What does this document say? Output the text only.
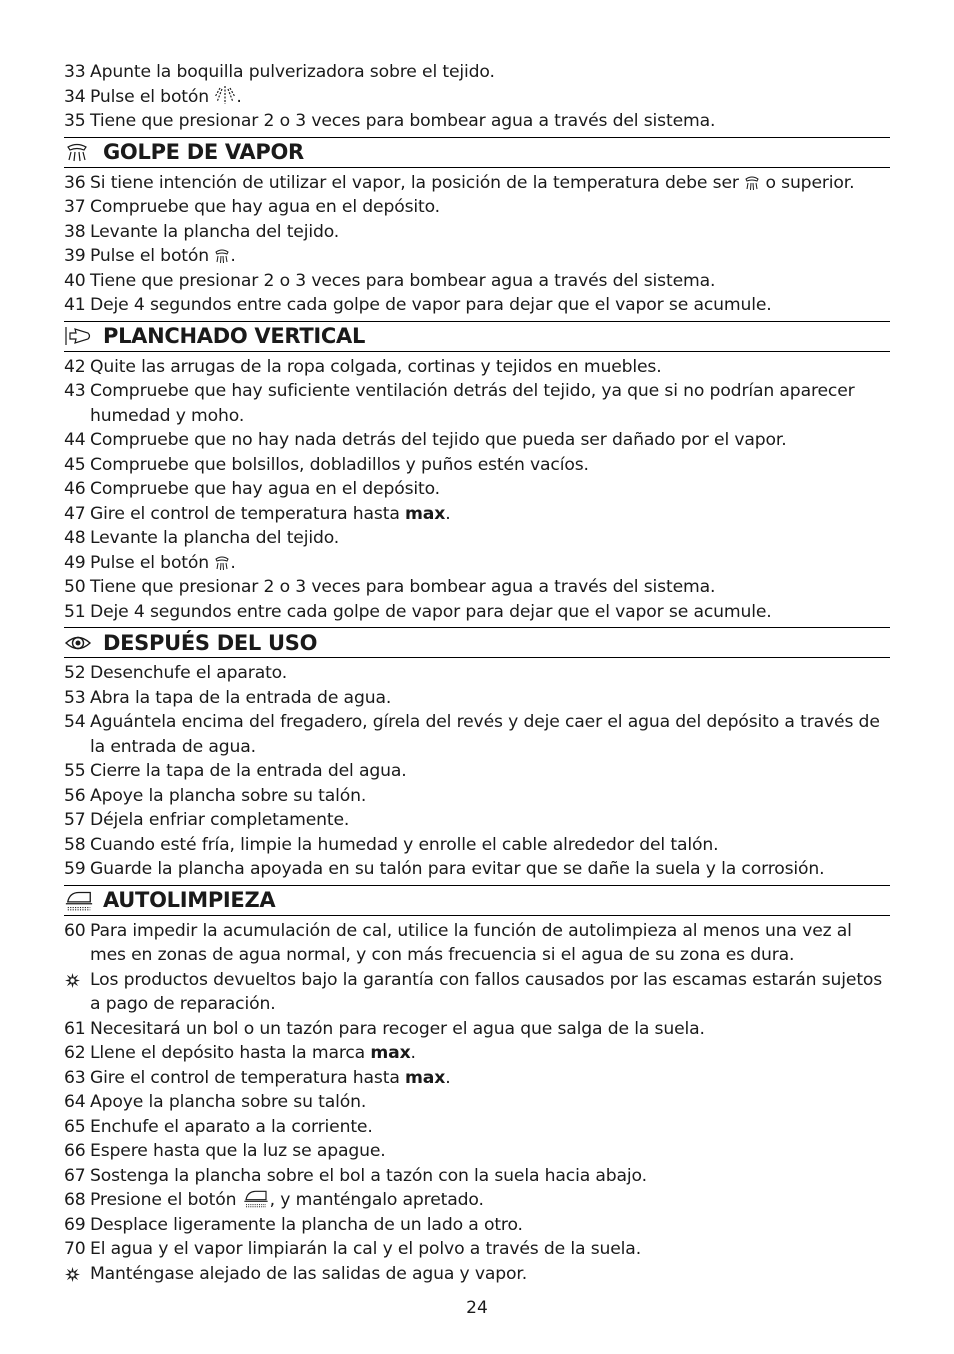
33 Apunte la boquilla pulverizadora sobre el tejido.
34 Pulse el botón .
35 Tiene que presionar 2 o 3 veces para bombear agua a través del sistema.
GOLPE DE VAPOR
36 Si tiene intención de utilizar el vapor, la posición de la temperatura debe ser  o superior.
37 Compruebe que hay agua en el depósito.
38 Levante la plancha del tejido.
39 Pulse el botón .
40 Tiene que presionar 2 o 3 veces para bombear agua a través del sistema.
41 Deje 4 segundos entre cada golpe de vapor para dejar que el vapor se acumule.
PLANCHADO VERTICAL
42 Quite las arrugas de la ropa colgada, cortinas y tejidos en muebles.
43 Compruebe que hay suficiente ventilación detrás del tejido, ya que si no podrían aparecer
humedad y moho.
44 Compruebe que no hay nada detrás del tejido que pueda ser dañado por el vapor.
45 Compruebe que bolsillos, dobladillos y puños estén vacíos.
46 Compruebe que hay agua en el depósito.
47 Gire el control de temperatura hasta max.
48 Levante la plancha del tejido.
49 Pulse el botón .
50 Tiene que presionar 2 o 3 veces para bombear agua a través del sistema.
51 Deje 4 segundos entre cada golpe de vapor para dejar que el vapor se acumule.
DESPUÉS DEL USO
52 Desenchufe el aparato.
53 Abra la tapa de la entrada de agua.
54 Aguántela encima del fregadero, gírela del revés y deje caer el agua del depósito a través de
la entrada de agua.
55 Cierre la tapa de la entrada del agua.
56 Apoye la plancha sobre su talón.
57 Déjela enfriar completamente.
58 Cuando esté fría, limpie la humedad y enrolle el cable alrededor del talón.
59 Guarde la plancha apoyada en su talón para evitar que se dañe la suela y la corrosión.
AUTOLIMPIEZA
60 Para impedir la acumulación de cal, utilice la función de autolimpieza al menos una vez al
mes en zonas de agua normal, y con más frecuencia si el agua de su zona es dura.
Los productos devueltos bajo la garantía con fallos causados por las escamas estarán sujetos
a pago de reparación.
61 Necesitará un bol o un tazón para recoger el agua que salga de la suela.
62 Llene el depósito hasta la marca max.
63 Gire el control de temperatura hasta max.
64 Apoye la plancha sobre su talón.
65 Enchufe el aparato a la corriente.
66 Espere hasta que la luz se apague.
67 Sostenga la plancha sobre el bol a tazón con la suela hacia abajo.
68 Presione el botón , y manténgalo apretado.
69 Desplace ligeramente la plancha de un lado a otro.
70 El agua y el vapor limpiarán la cal y el polvo a través de la suela.
Manténgase alejado de las salidas de agua y vapor.
24
